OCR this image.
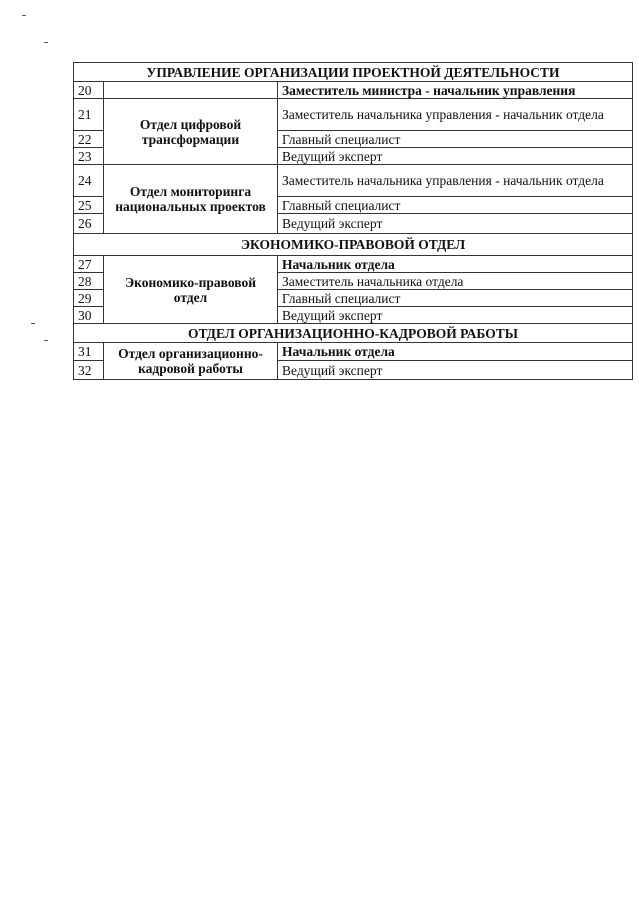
УПРАВЛЕНИЕ ОРГАНИЗАЦИИ ПРОЕКТНОЙ ДЕЯТЕЛЬНОСТИ		
20		Заместитель министра - начальник управления
21	Отдел цифровой трансформации	Заместитель начальника управления - начальник отдела
22		Главный специалист
23		Ведущий эксперт
24	Отдел мониторинга национальных проектов	Заместитель начальника управления - начальник отдела
25		Главный специалист
26		Ведущий эксперт
ЭКОНОМИКО-ПРАВОВОЙ ОТДЕЛ		
27	Экономико-правовой отдел	Начальник отдела
28		Заместитель начальника отдела
29		Главный специалист
30		Ведущий эксперт
ОТДЕЛ ОРГАНИЗАЦИОННО-КАДРОВОЙ РАБОТЫ		
31	Отдел организационно-кадровой работы	Начальник отдела
32		Ведущий эксперт
